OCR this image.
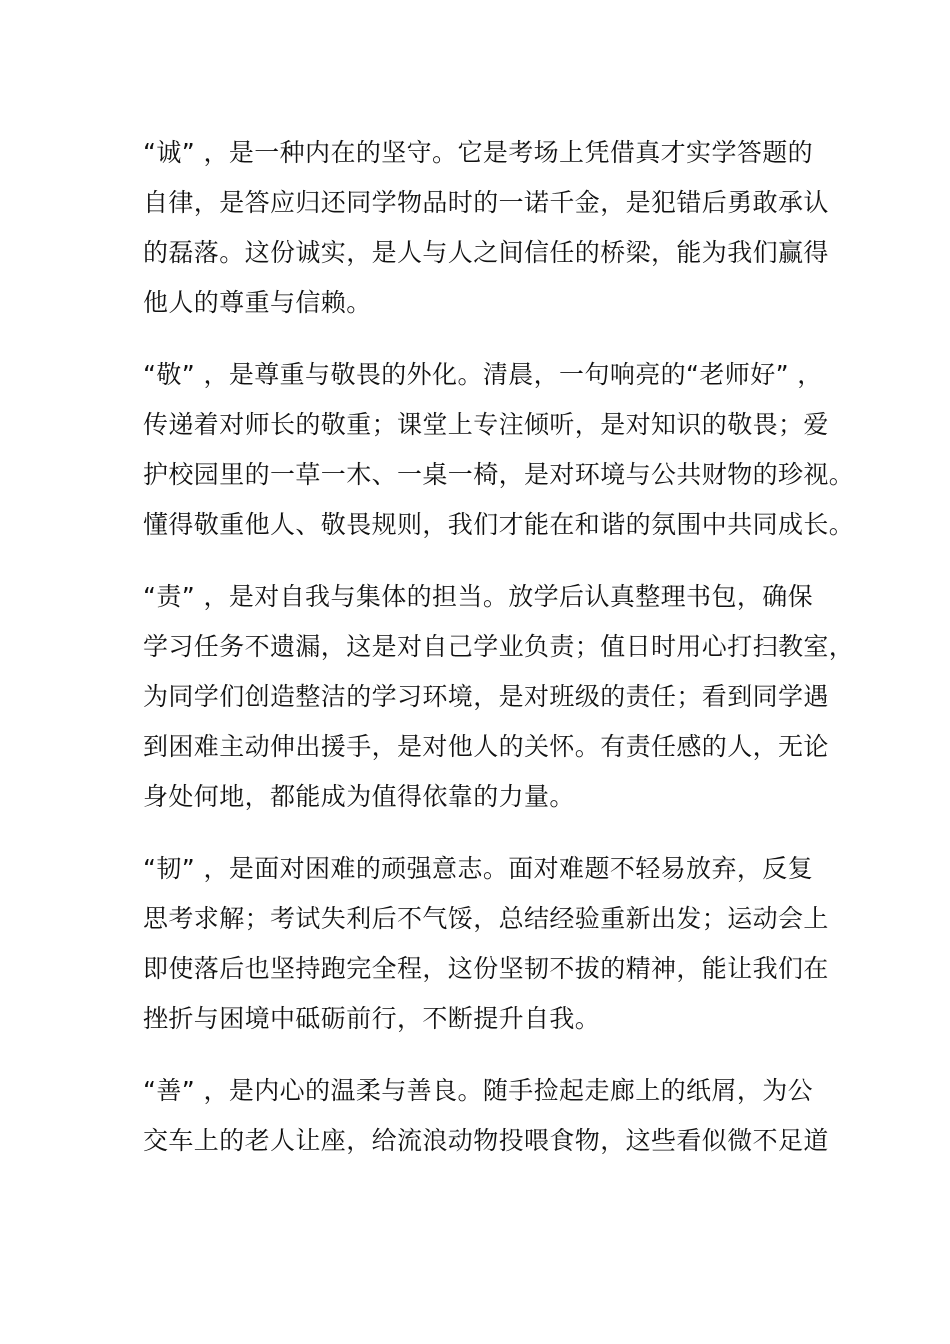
“诚” ，是一种内在的坚守。它是考场上凭借真才实学答题的
自律，是答应归还同学物品时的一诺千金，是犯错后勇敢承认
的磊落。这份诚实，是人与人之间信任的桥梁，能为我们赢得
他人的尊重与信赖。
“敬” ，是尊重与敬畏的外化。清晨，一句响亮的“老师好” ，
传递着对师长的敬重；课堂上专注倾听，是对知识的敬畏；爱
护校园里的一草一木、一桌一椅，是对环境与公共财物的珍视。
懂得敬重他人、敬畏规则，我们才能在和谐的氛围中共同成长。
“责” ，是对自我与集体的担当。放学后认真整理书包，确保
学习任务不遗漏，这是对自己学业负责；值日时用心打扫教室，
为同学们创造整洁的学习环境，是对班级的责任；看到同学遇
到困难主动伸出援手，是对他人的关怀。有责任感的人，无论
身处何地，都能成为值得依靠的力量。
“韧” ，是面对困难的顽强意志。面对难题不轻易放弃，反复
思考求解；考试失利后不气馁，总结经验重新出发；运动会上
即使落后也坚持跑完全程，这份坚韧不拔的精神，能让我们在
挫折与困境中砥砺前行，不断提升自我。
“善” ，是内心的温柔与善良。随手捡起走廊上的纸屑，为公
交车上的老人让座，给流浪动物投喂食物，这些看似微不足道
